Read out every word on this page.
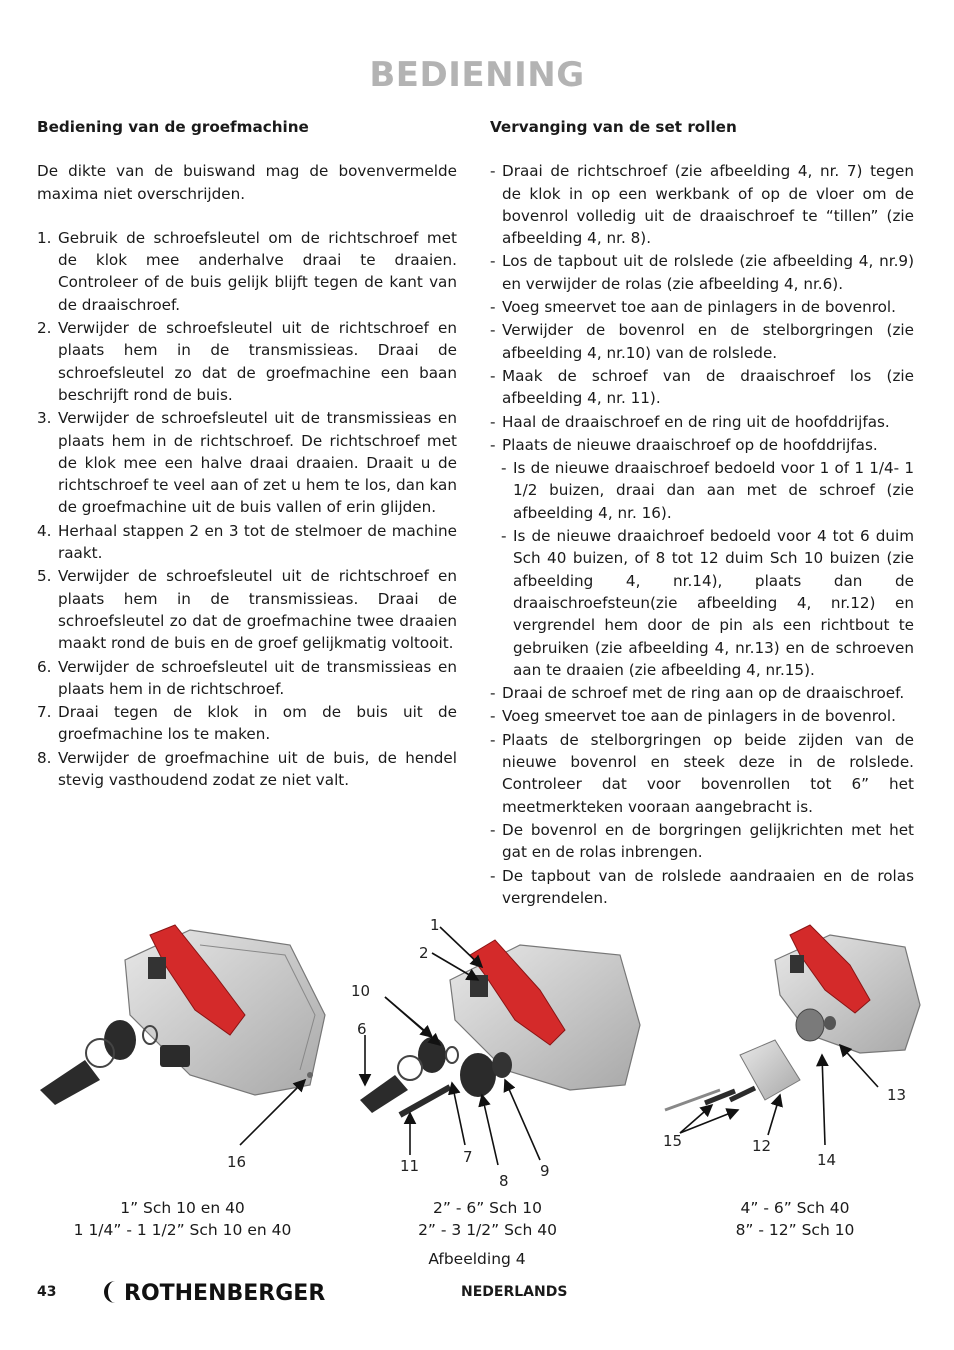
BEDIENING
Bediening van de groefmachine

De dikte van de buiswand mag de bovenvermelde maxima niet overschrijden.

1. Gebruik de schroefsleutel om de richtschroef met de klok mee anderhalve draai te draaien. Controleer of de buis gelijk blijft tegen de kant van de draaischroef.
2. Verwijder de schroefsleutel uit de richtschroef en plaats hem in de transmissieas. Draai de schroefsleutel zo dat de groefmachine een baan beschrijft rond de buis.
3. Verwijder de schroefsleutel uit de transmissieas en plaats hem in de richtschroef. De richtschroef met de klok mee een halve draai draaien. Draait u de richtschroef te veel aan of zet u hem te los, dan kan de groefmachine uit de buis vallen of erin glijden.
4. Herhaal stappen 2 en 3 tot de stelmoer de machine raakt.
5. Verwijder de schroefsleutel uit de richtschroef en plaats hem in de transmissieas. Draai de schroefsleutel zo dat de groefmachine twee draaien maakt rond de buis en de groef gelijkmatig voltooit.
6. Verwijder de schroefsleutel uit de transmissieas en plaats hem in de richtschroef.
7. Draai tegen de klok in om de buis uit de groefmachine los te maken.
8. Verwijder de groefmachine uit de buis, de hendel stevig vasthoudend zodat ze niet valt.
Vervanging van de set rollen
- Draai de richtschroef (zie afbeelding 4, nr. 7) tegen de klok in op een werkbank of op de vloer om de bovenrol volledig uit de draaischroef te “tillen” (zie afbeelding 4, nr. 8).
- Los de tapbout uit de rolslede (zie afbeelding 4, nr.9) en verwijder de rolas (zie afbeelding 4, nr.6).
- Voeg smeervet toe aan de pinlagers in de bovenrol.
- Verwijder de bovenrol en de stelborgringen (zie afbeelding 4, nr.10) van de rolslede.
- Maak de schroef van de draaischroef los (zie afbeelding 4, nr. 11).
- Haal de draaischroef en de ring uit de hoofddrijfas.
- Plaats de nieuwe draaischroef op de hoofddrijfas.
- Is de nieuwe draaischroef bedoeld voor 1 of 1 1/4- 1 1/2 buizen, draai dan aan met de schroef (zie afbeelding 4, nr. 16).
- Is de nieuwe draaichroef bedoeld voor 4 tot 6 duim Sch 40 buizen, of 8 tot 12 duim Sch 10 buizen (zie afbeelding 4, nr.14), plaats dan de draaischroefsteun(zie afbeelding 4, nr.12) en vergrendel hem door de pin als een richtbout te gebruiken (zie afbeelding 4, nr.13) en de schroeven aan te draaien (zie afbeelding 4, nr.15).
- Draai de schroef met de ring aan op de draaischroef.
- Voeg smeervet toe aan de pinlagers in de bovenrol.
- Plaats de stelborgringen op beide zijden van de nieuwe bovenrol en steek deze in de rolslede. Controleer dat voor bovenrollen tot 6” het meetmerkteken vooraan aangebracht is.
- De bovenrol en de borgringen gelijkrichten met het gat en de rolas inbrengen.
- De tapbout van de rolslede aandraaien en de rolas vergrendelen.
1
2
10
6
7
8
9
11
16
12
13
14
15
1” Sch 10 en 40
1 1/4” - 1 1/2” Sch 10 en 40
2” - 6” Sch 10
2” - 3 1/2” Sch 40
4” - 6” Sch 40
8” - 12” Sch 10
Afbeelding 4
43	ROTHENBERGER	NEDERLANDS
